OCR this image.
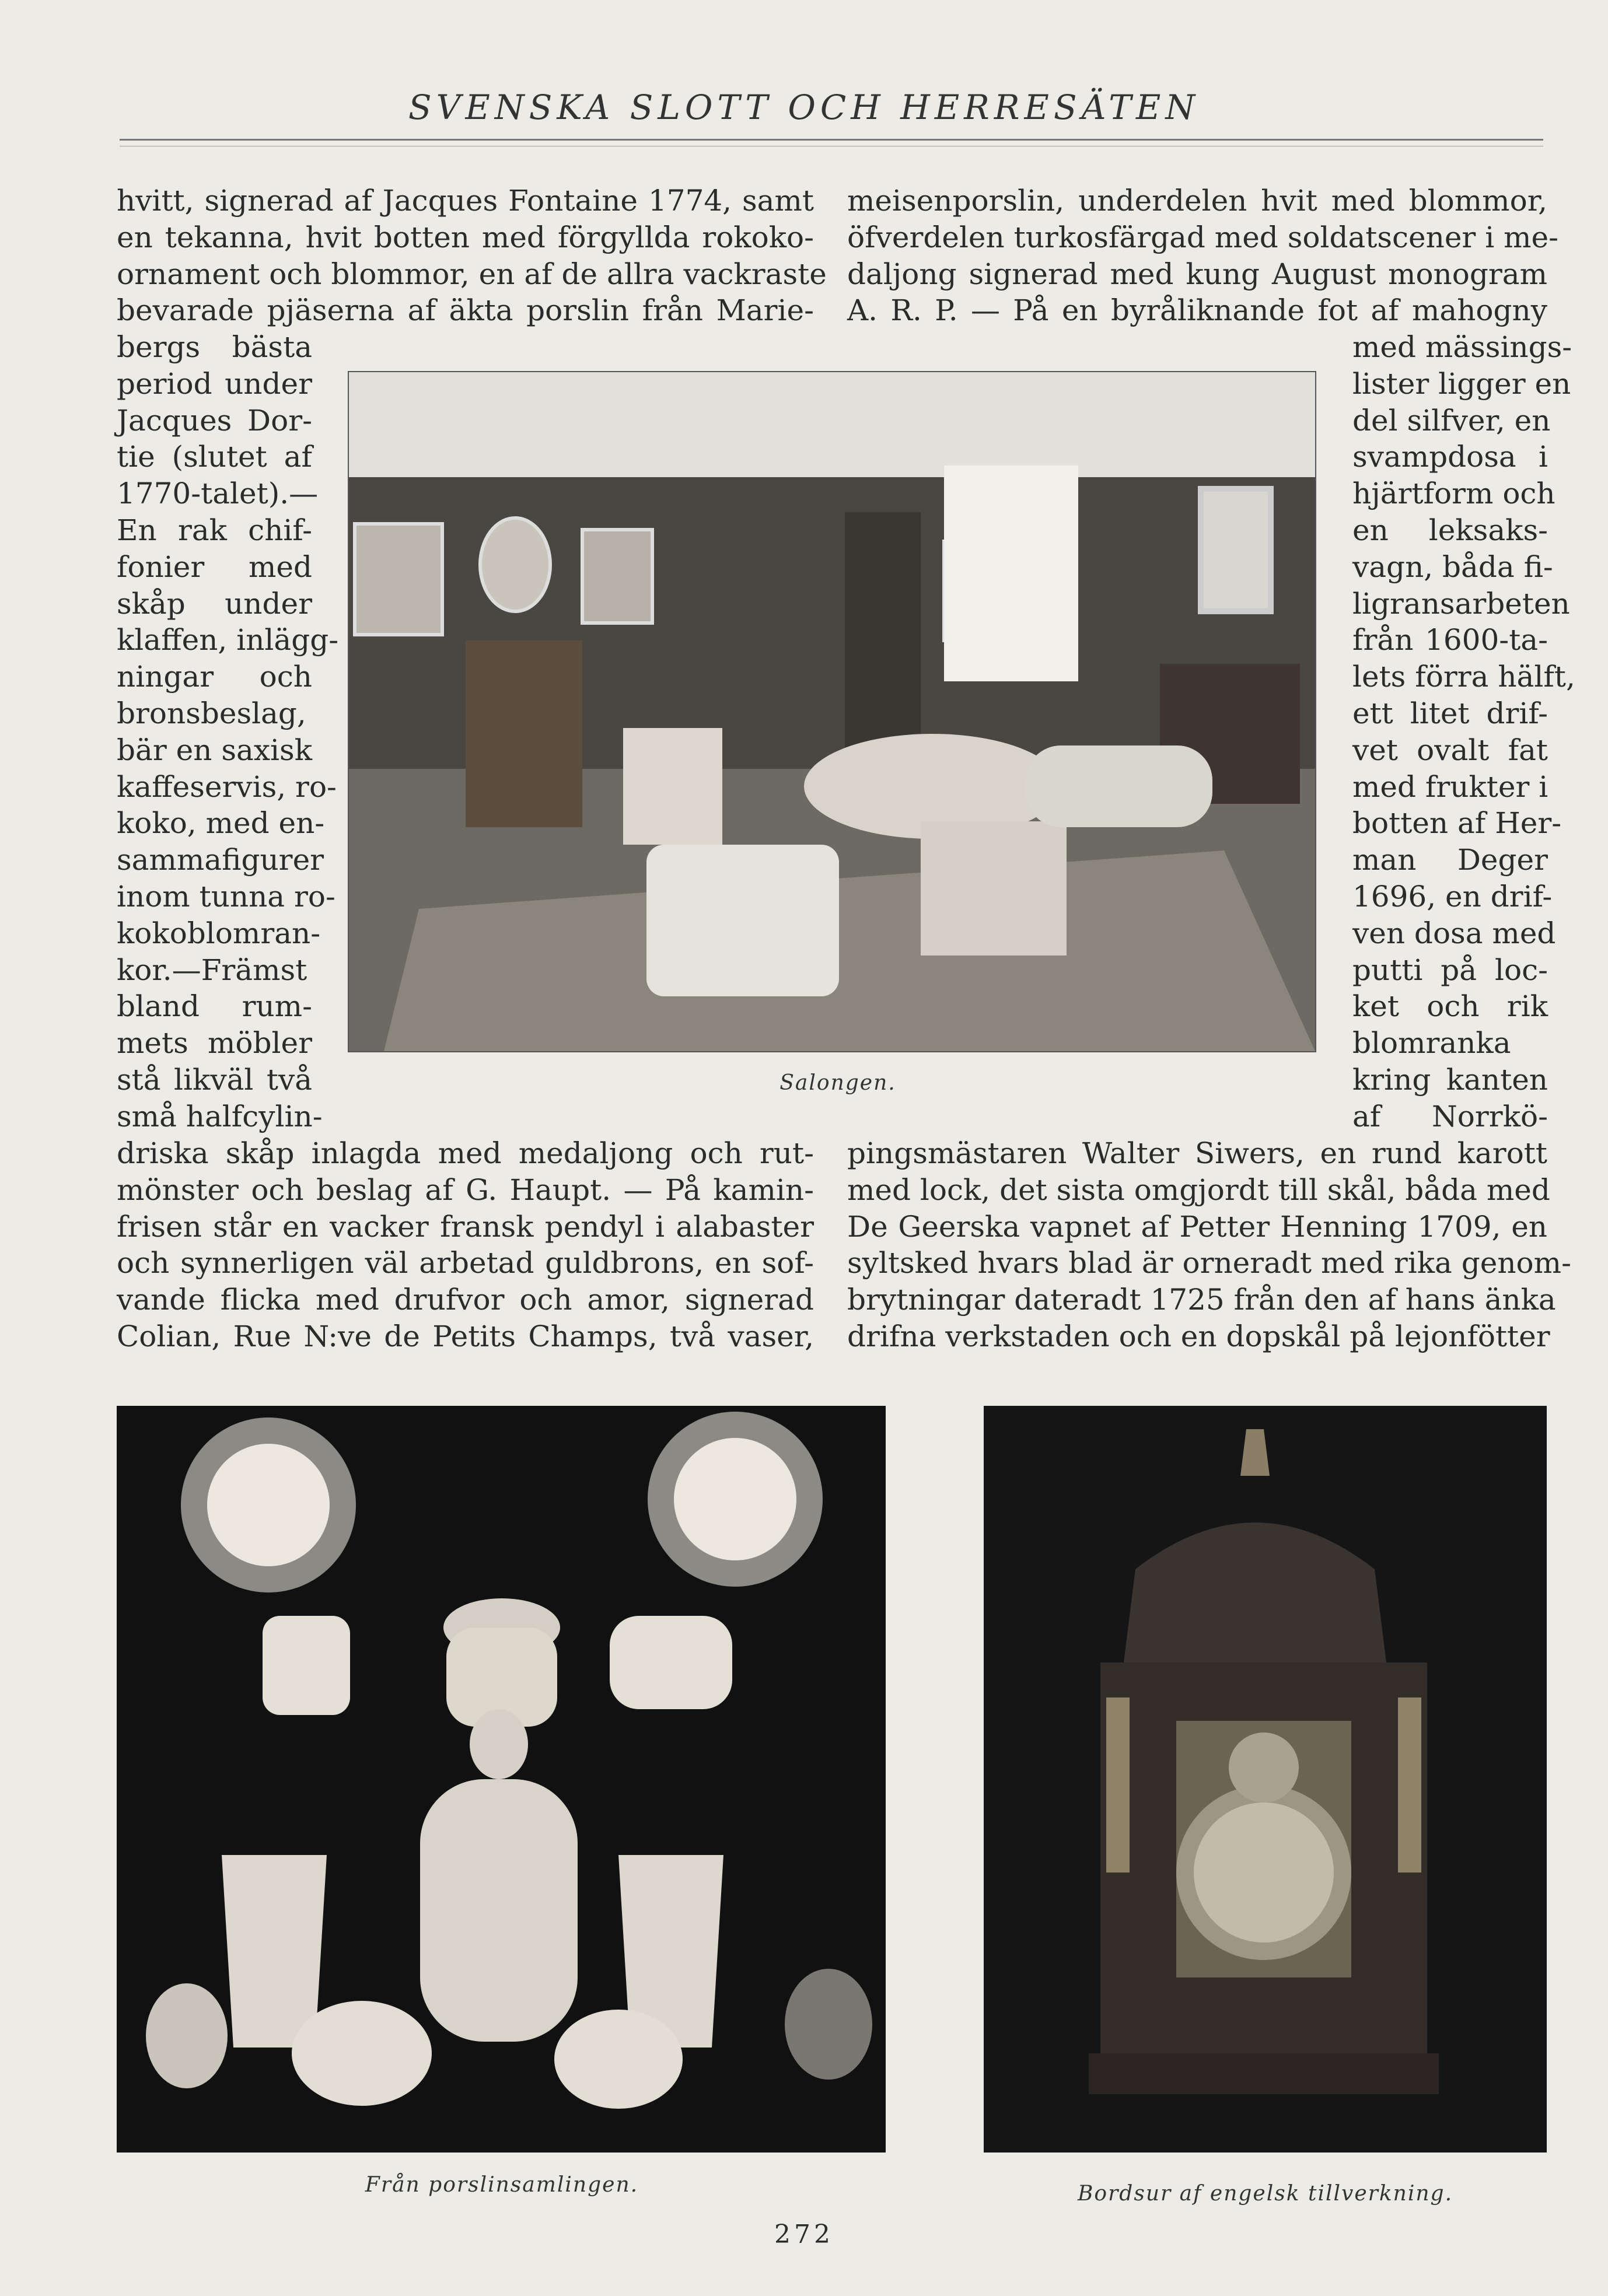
SVENSKA SLOTT OCH HERRESÄTEN
hvitt, signerad af Jacques Fontaine 1774, samt
en tekanna, hvit botten med förgyllda rokoko-
ornament och blommor, en af de allra vackraste
bevarade pjäserna af äkta porslin från Marie-
bergs bästa
period under
Jacques Dor-
tie (slutet af
1770-talet).—
En rak chif-
fonier med
skåp under
klaffen, inlägg-
ningar och
bronsbeslag,
bär en saxisk
kaffeservis, ro-
koko, med en-
sammafigurer
inom tunna ro-
kokoblomran-
kor.—Främst
bland rum-
mets möbler
stå likväl två
små halfcylin-
driska skåp inlagda med medaljong och rut-
mönster och beslag af G. Haupt. — På kamin-
frisen står en vacker fransk pendyl i alabaster
och synnerligen väl arbetad guldbrons, en sof-
vande flicka med drufvor och amor, signerad
Colian, Rue N:ve de Petits Champs, två vaser,
meisenporslin, underdelen hvit med blommor,
öfverdelen turkosfärgad med soldatscener i me-
daljong signerad med kung August monogram
A. R. P. — På en byråliknande fot af mahogny
med mässings-
lister ligger en
del silfver, en
svampdosa i
hjärtform och
en leksaks-
vagn, båda fi-
ligransarbeten
från 1600-ta-
lets förra hälft,
ett litet drif-
vet ovalt fat
med frukter i
botten af Her-
man Deger
1696, en drif-
ven dosa med
putti på loc-
ket och rik
blomranka
kring kanten
af Norrkö-
pingsmästaren Walter Siwers, en rund karott
med lock, det sista omgjordt till skål, båda med
De Geerska vapnet af Petter Henning 1709, en
syltsked hvars blad är orneradt med rika genom-
brytningar dateradt 1725 från den af hans änka
drifna verkstaden och en dopskål på lejonfötter
Salongen.
Från porslinsamlingen.	Bordsur af engelsk tillverkning.
272
